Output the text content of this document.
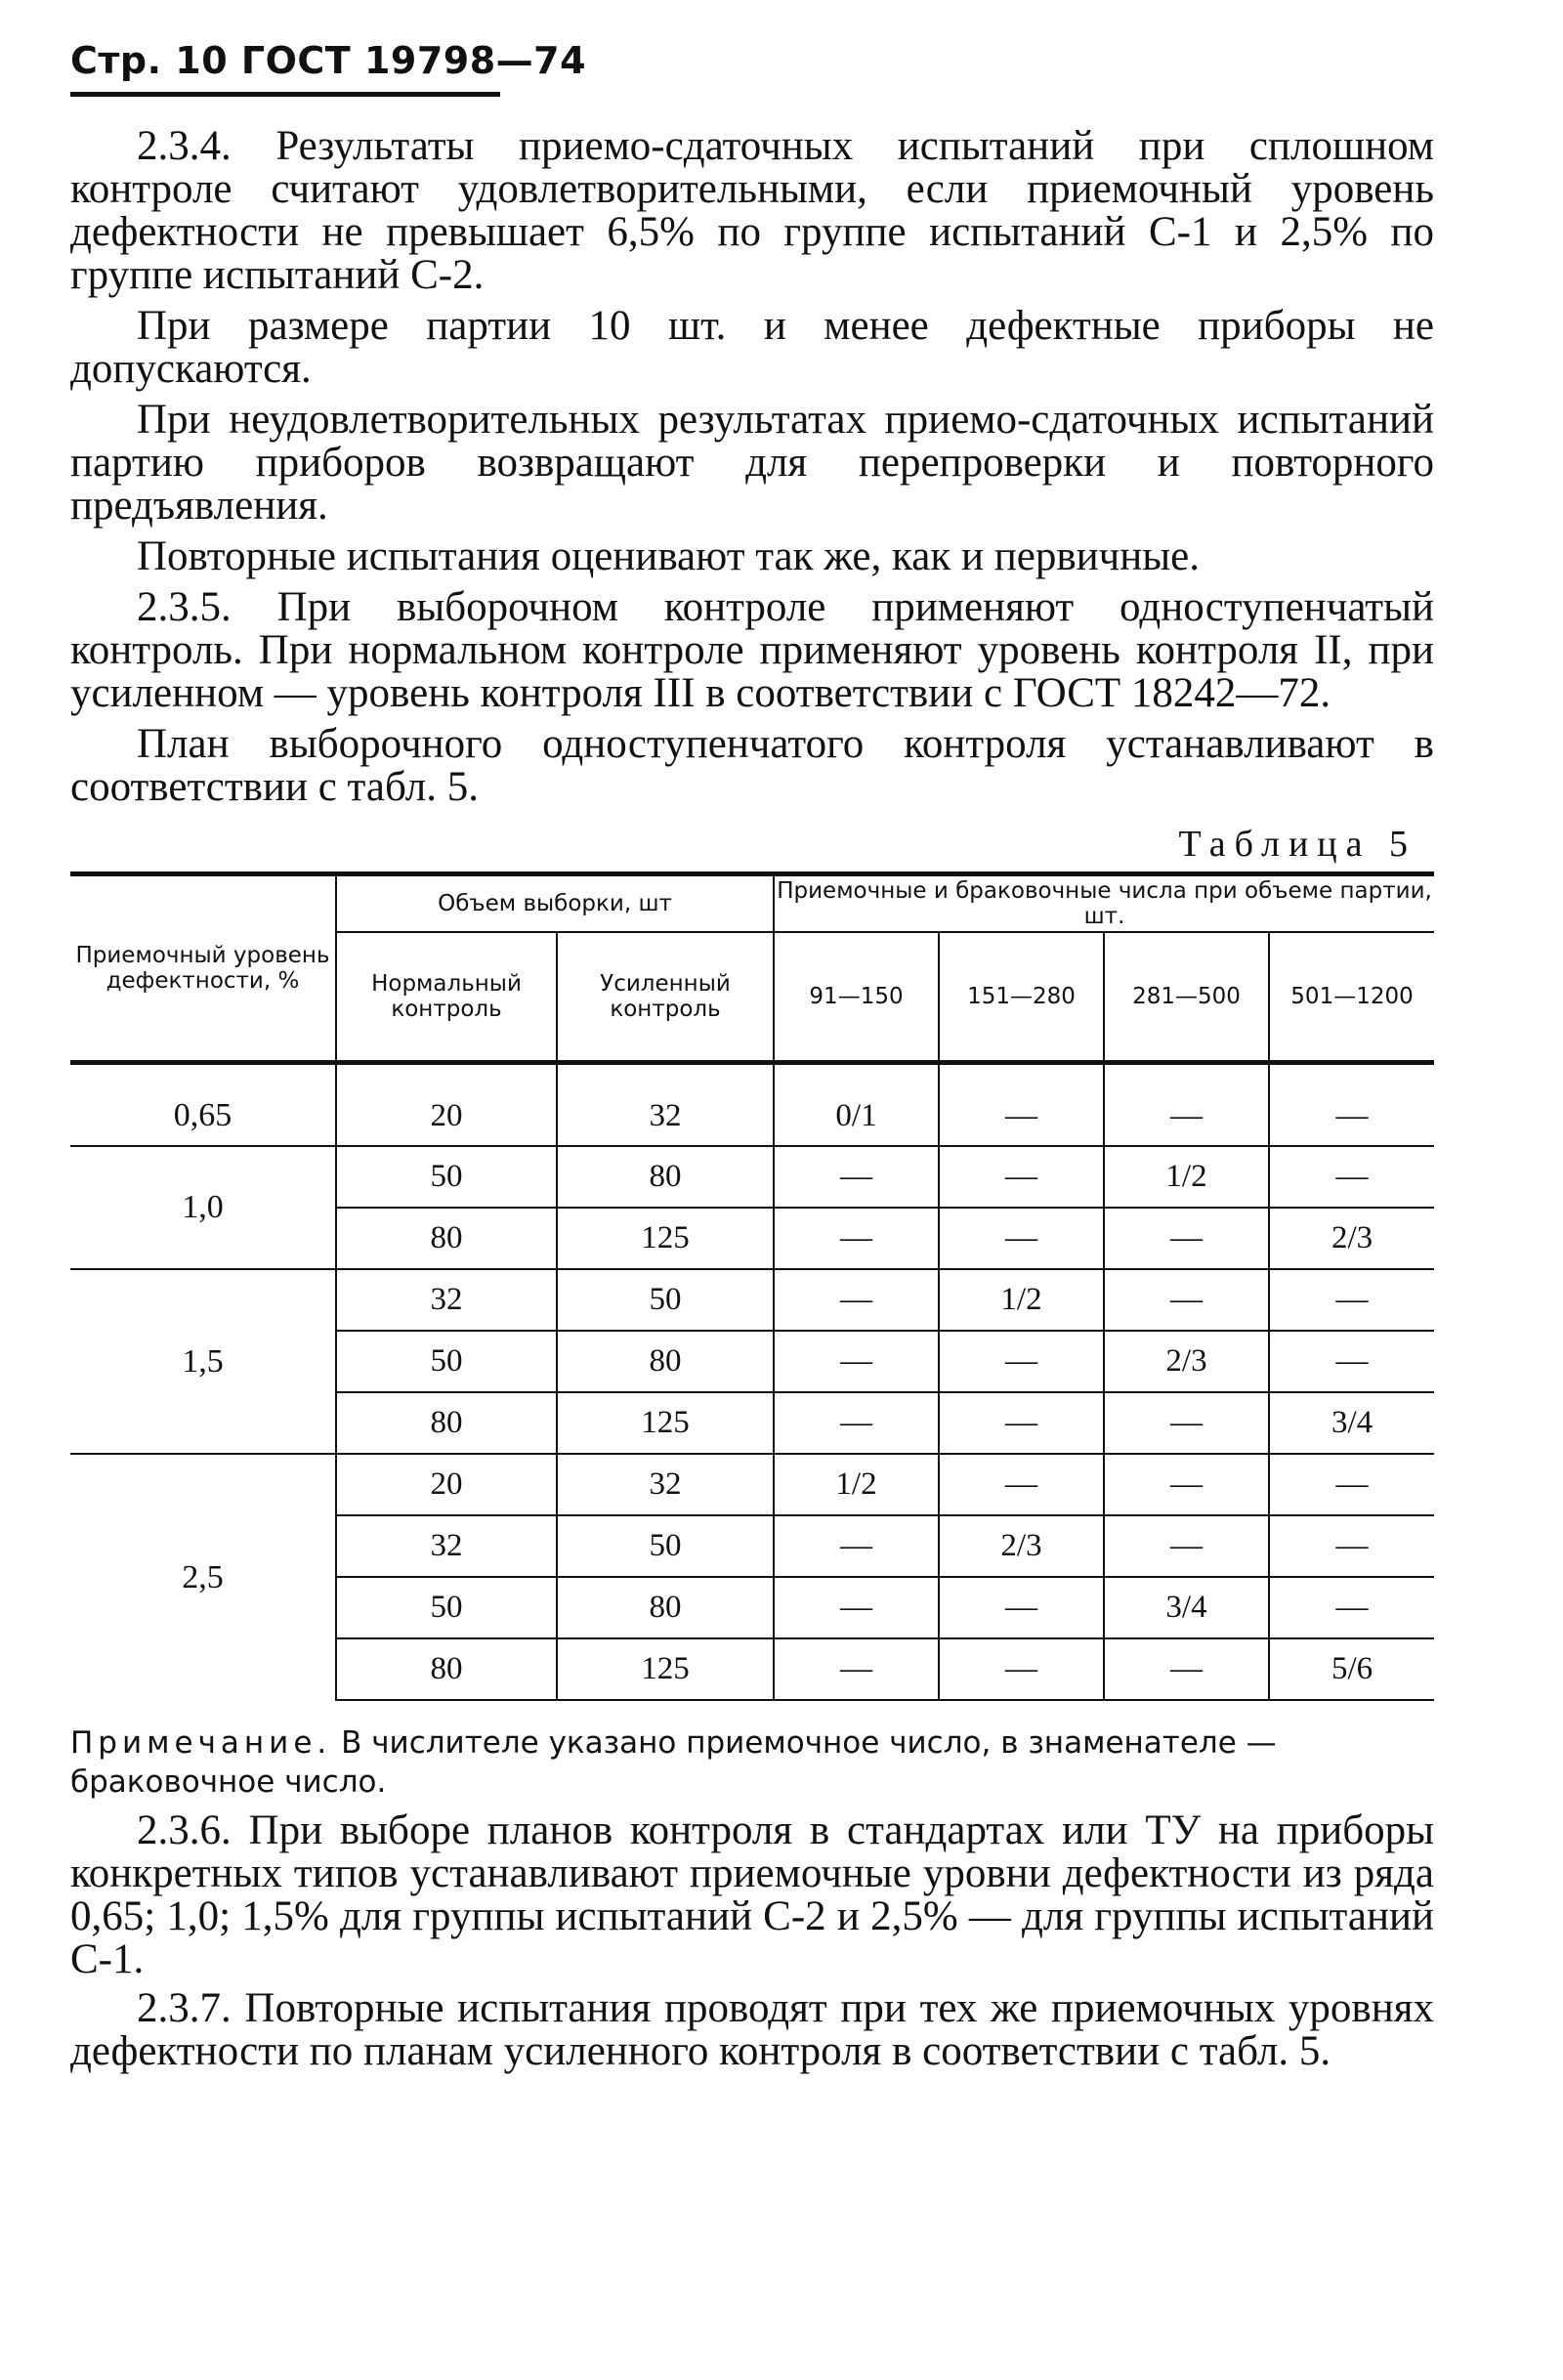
Стр. 10 ГОСТ 19798—74

2.3.4. Результаты приемо-сдаточных испытаний при сплошном контроле считают удовлетворительными, если приемочный уровень дефектности не превышает 6,5% по группе испытаний С-1 и 2,5% по группе испытаний С-2.

При размере партии 10 шт. и менее дефектные приборы не допускаются.

При неудовлетворительных результатах приемо-сдаточных испытаний партию приборов возвращают для перепроверки и повторного предъявления.

Повторные испытания оценивают так же, как и первичные.

2.3.5. При выборочном контроле применяют одноступенчатый контроль. При нормальном контроле применяют уровень контроля II, при усиленном — уровень контроля III в соответствии с ГОСТ 18242—72.

План выборочного одноступенчатого контроля устанавливают в соответствии с табл. 5.

Таблица 5
Приемочный уровень дефектности, %	Объем выборки, шт		Приемочные и браковочные числа при объеме партии, шт.			
	Нормальный контроль	Усиленный контроль	91—150	151—280	281—500	501—1200
0,65	20	32	0/1	—	—	—
1,0	50	80	—	—	1/2	—
	80	125	—	—	—	2/3
1,5	32	50	—	1/2	—	—
	50	80	—	—	2/3	—
	80	125	—	—	—	3/4
2,5	20	32	1/2	—	—	—
	32	50	—	2/3	—	—
	50	80	—	—	3/4	—
	80	125	—	—	—	5/6
Примечание. В числителе указано приемочное число, в знаменателе — браковочное число.

2.3.6. При выборе планов контроля в стандартах или ТУ на приборы конкретных типов устанавливают приемочные уровни дефектности из ряда 0,65; 1,0; 1,5% для группы испытаний С-2 и 2,5% — для группы испытаний С-1.

2.3.7. Повторные испытания проводят при тех же приемочных уровнях дефектности по планам усиленного контроля в соответствии с табл. 5.
